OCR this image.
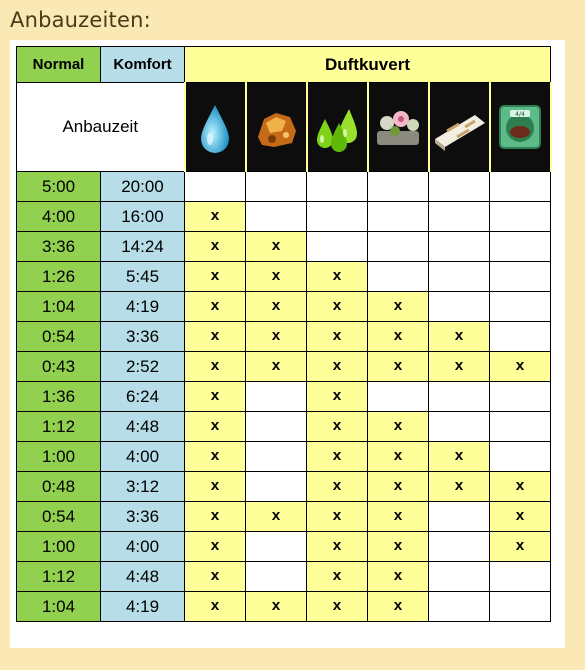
Anbauzeiten:
Normal	Komfort	Duftkuvert					
Anbauzeit							4/4

5:00	20:00						
4:00	16:00	x					
3:36	14:24	x	x				
1:26	5:45	x	x	x			
1:04	4:19	x	x	x	x		
0:54	3:36	x	x	x	x	x	
0:43	2:52	x	x	x	x	x	x
1:36	6:24	x		x			
1:12	4:48	x		x	x		
1:00	4:00	x		x	x	x	
0:48	3:12	x		x	x	x	x
0:54	3:36	x	x	x	x		x
1:00	4:00	x		x	x		x
1:12	4:48	x		x	x		
1:04	4:19	x	x	x	x		
